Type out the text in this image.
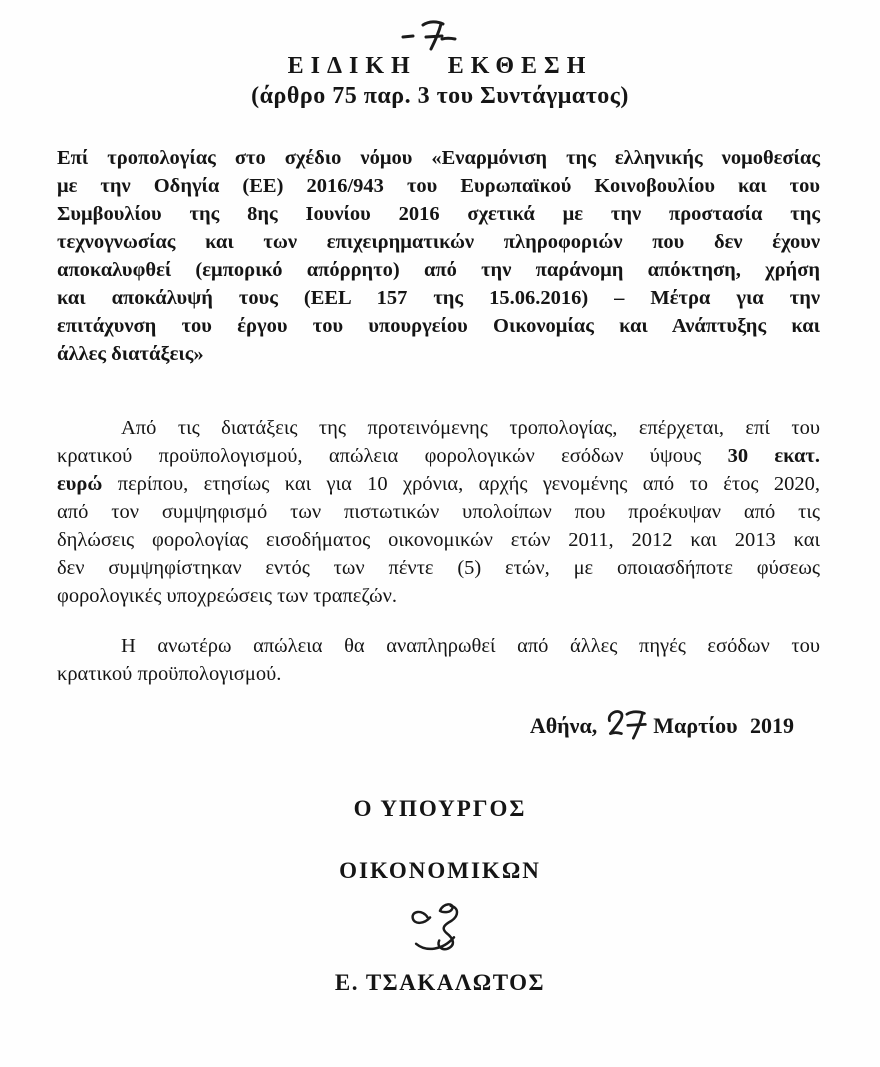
ΕΙΔΙΚΗ ΕΚΘΕΣΗ
(άρθρο 75 παρ. 3 του Συντάγματος)
Επί τροπολογίας στο σχέδιο νόμου «Εναρμόνιση της ελληνικής νομοθεσίας
με την Οδηγία (ΕΕ) 2016/943 του Ευρωπαϊκού Κοινοβουλίου και του
Συμβουλίου της 8ης Ιουνίου 2016 σχετικά με την προστασία της
τεχνογνωσίας και των επιχειρηματικών πληροφοριών που δεν έχουν
αποκαλυφθεί (εμπορικό απόρρητο) από την παράνομη απόκτηση, χρήση
και αποκάλυψή τους (EEL 157 της 15.06.2016) – Μέτρα για την
επιτάχυνση του έργου του υπουργείου Οικονομίας και Ανάπτυξης και
άλλες διατάξεις»
Από τις διατάξεις της προτεινόμενης τροπολογίας, επέρχεται, επί του
κρατικού προϋπολογισμού, απώλεια φορολογικών εσόδων ύψους 30 εκατ.
ευρώ περίπου, ετησίως και για 10 χρόνια, αρχής γενομένης από το έτος 2020,
από τον συμψηφισμό των πιστωτικών υπολοίπων που προέκυψαν από τις
δηλώσεις φορολογίας εισοδήματος οικονομικών ετών 2011, 2012 και 2013 και
δεν συμψηφίστηκαν εντός των πέντε (5) ετών, με οποιασδήποτε φύσεως
φορολογικές υποχρεώσεις των τραπεζών.
Η ανωτέρω απώλεια θα αναπληρωθεί από άλλες πηγές εσόδων του
κρατικού προϋπολογισμού.
Αθήνα,	Μαρτίου 2019
Ο ΥΠΟΥΡΓΟΣ
ΟΙΚΟΝΟΜΙΚΩΝ
Ε. ΤΣΑΚΑΛΩΤΟΣ
